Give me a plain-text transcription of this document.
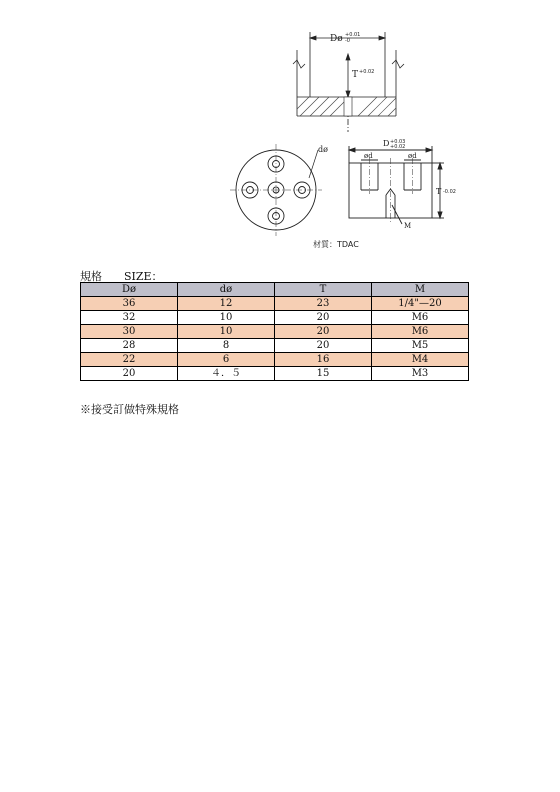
Dø +0.01
-0
T +0.02
dø
D +0.03
+0.02
ød	ød
T -0.02
M
材質：TDAC
規格 SIZE：
Dø	dø	T	M
36	12	23	1/4"—20
32	10	20	M6
30	10	20	M6
28	8	20	M5
22	6	16	M4
20	４．５	15	M3
※接受訂做特殊規格
